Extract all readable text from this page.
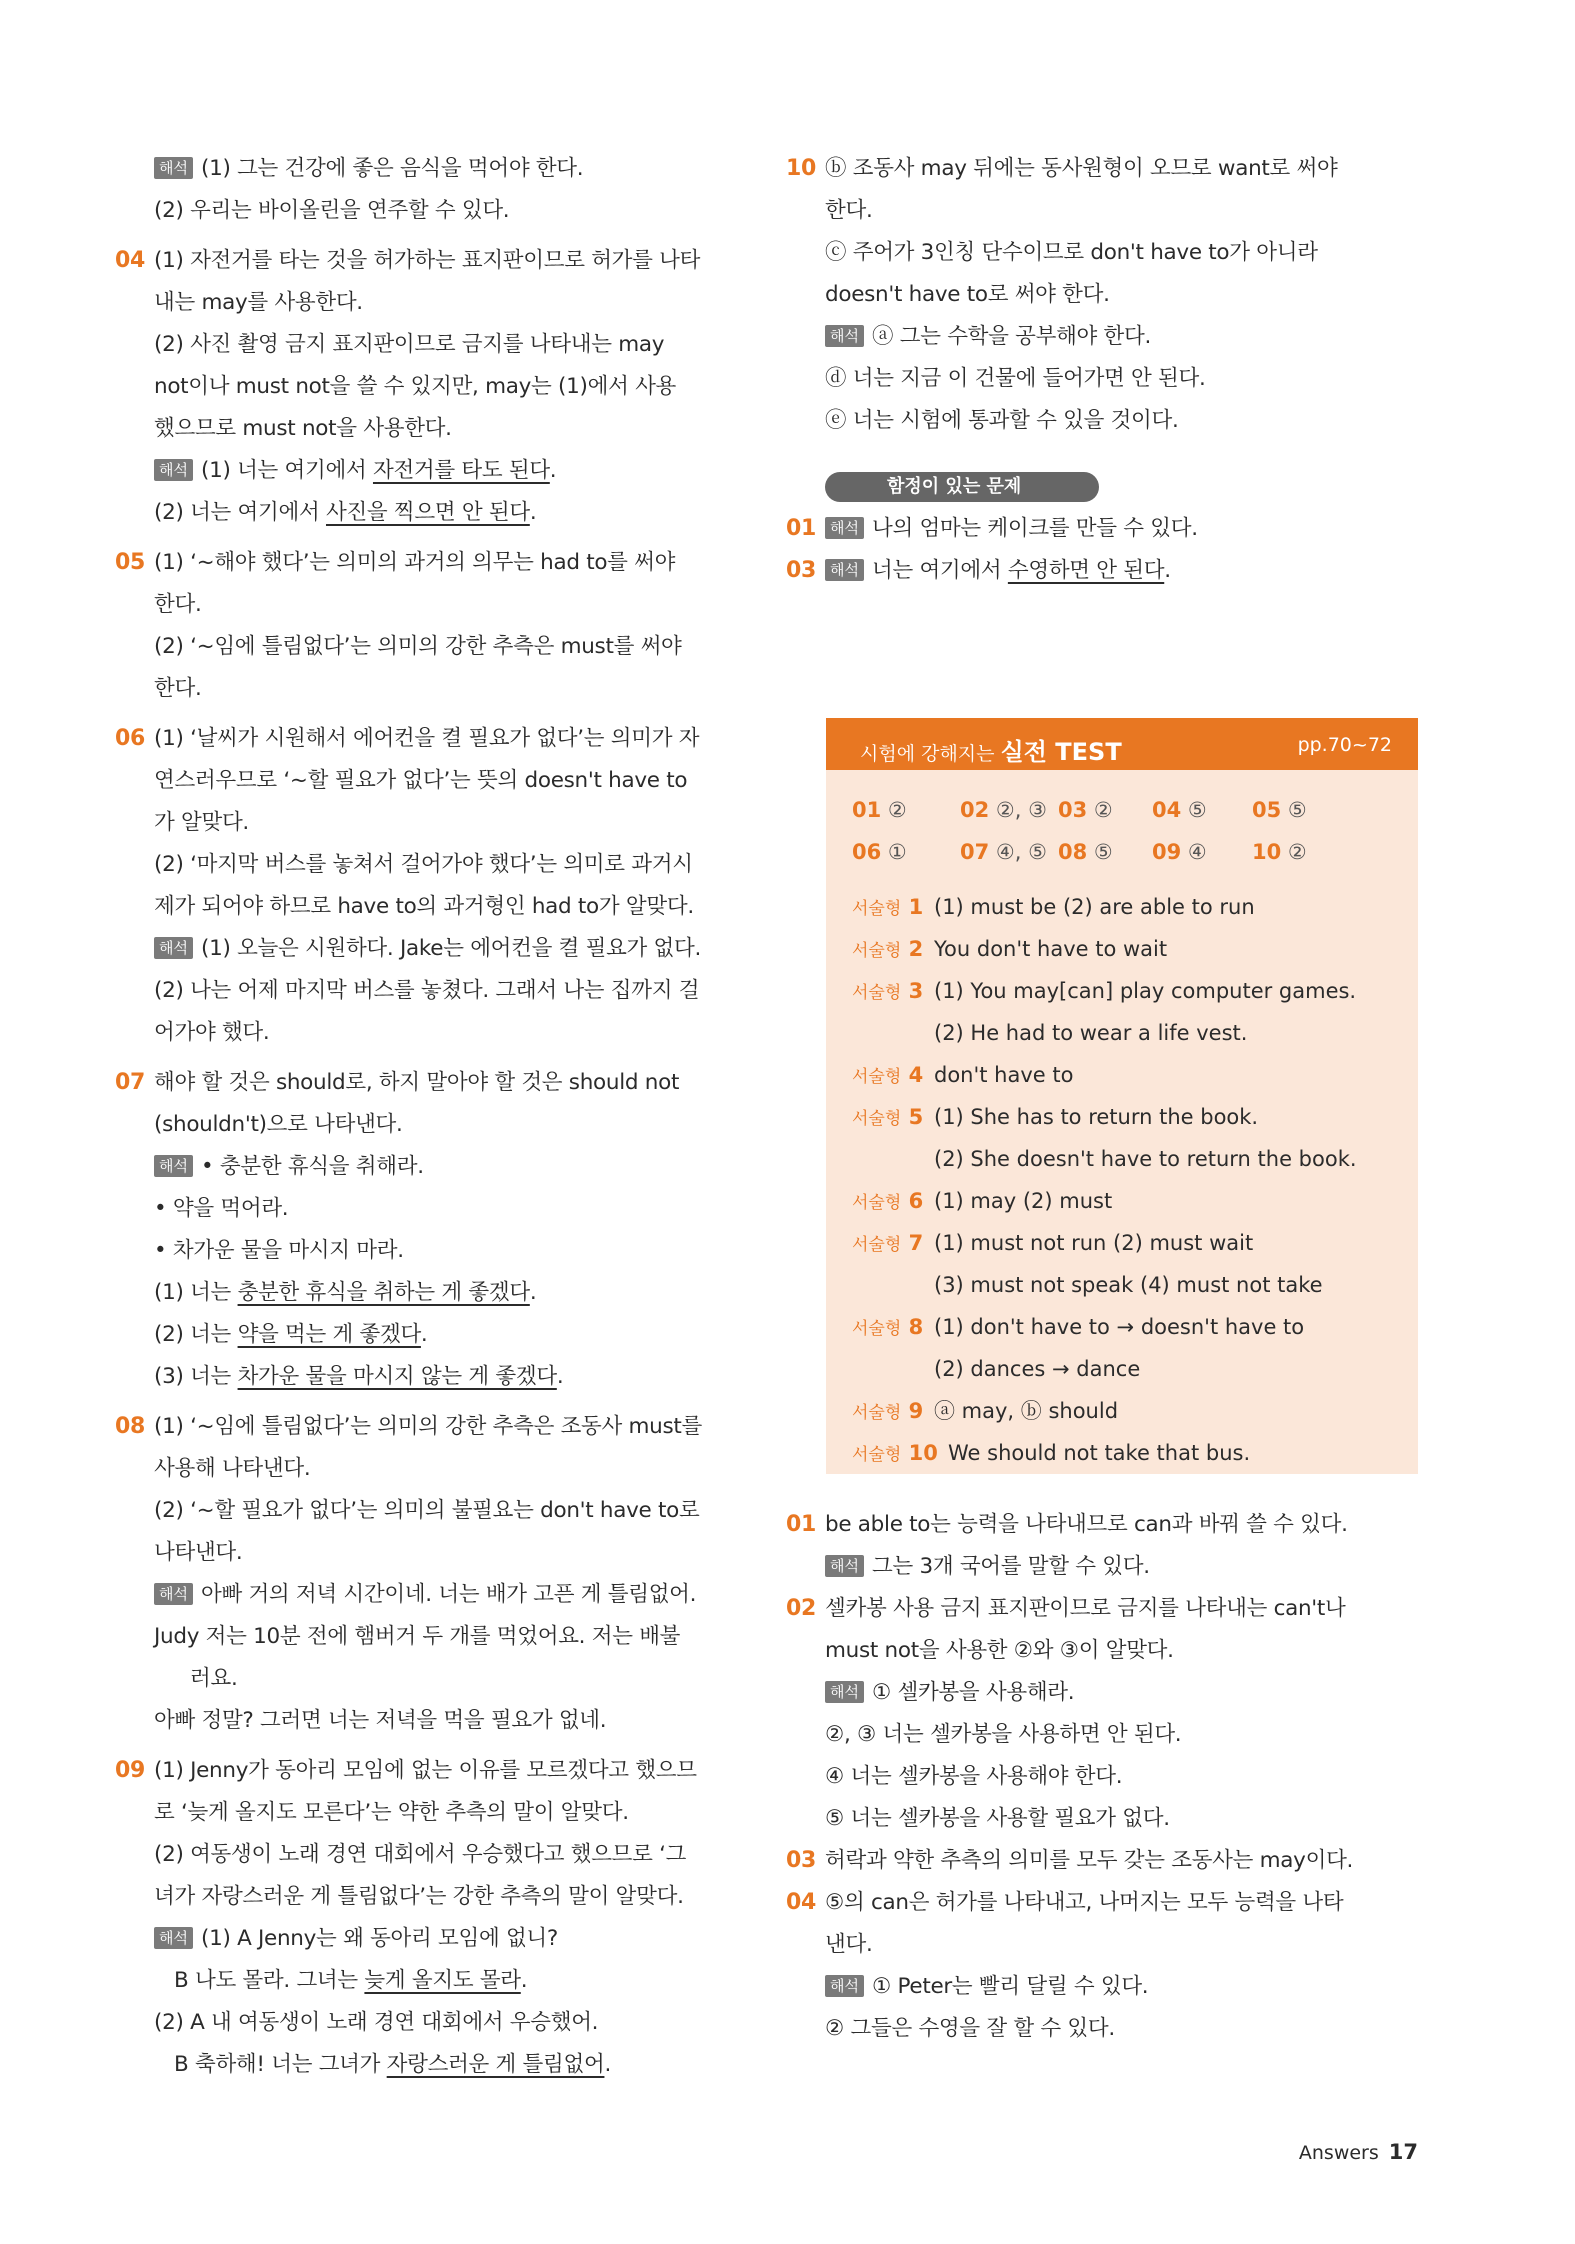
해석 (1) 그는 건강에 좋은 음식을 먹어야 한다.
(2) 우리는 바이올린을 연주할 수 있다.
04 (1) 자전거를 타는 것을 허가하는 표지판이므로 허가를 나타
내는 may를 사용한다.
(2) 사진 촬영 금지 표지판이므로 금지를 나타내는 may
not이나 must not을 쓸 수 있지만, may는 (1)에서 사용
했으므로 must not을 사용한다.
해석 (1) 너는 여기에서 자전거를 타도 된다.
(2) 너는 여기에서 사진을 찍으면 안 된다.
05 (1) ‘~해야 했다’는 의미의 과거의 의무는 had to를 써야
한다.
(2) ‘~임에 틀림없다’는 의미의 강한 추측은 must를 써야
한다.
06 (1) ‘날씨가 시원해서 에어컨을 켤 필요가 없다’는 의미가 자
연스러우므로 ‘~할 필요가 없다’는 뜻의 doesn't have to
가 알맞다.
(2) ‘마지막 버스를 놓쳐서 걸어가야 했다’는 의미로 과거시
제가 되어야 하므로 have to의 과거형인 had to가 알맞다.
해석 (1) 오늘은 시원하다. Jake는 에어컨을 켤 필요가 없다.
(2) 나는 어제 마지막 버스를 놓쳤다. 그래서 나는 집까지 걸
어가야 했다.
07 해야 할 것은 should로, 하지 말아야 할 것은 should not
(shouldn't)으로 나타낸다.
해석 • 충분한 휴식을 취해라.
• 약을 먹어라.
• 차가운 물을 마시지 마라.
(1) 너는 충분한 휴식을 취하는 게 좋겠다.
(2) 너는 약을 먹는 게 좋겠다.
(3) 너는 차가운 물을 마시지 않는 게 좋겠다.
08 (1) ‘~임에 틀림없다’는 의미의 강한 추측은 조동사 must를
사용해 나타낸다.
(2) ‘~할 필요가 없다’는 의미의 불필요는 don't have to로
나타낸다.
해석 아빠 거의 저녁 시간이네. 너는 배가 고픈 게 틀림없어.
Judy 저는 10분 전에 햄버거 두 개를 먹었어요. 저는 배불
러요.
아빠 정말? 그러면 너는 저녁을 먹을 필요가 없네.
09 (1) Jenny가 동아리 모임에 없는 이유를 모르겠다고 했으므
로 ‘늦게 올지도 모른다’는 약한 추측의 말이 알맞다.
(2) 여동생이 노래 경연 대회에서 우승했다고 했으므로 ‘그
녀가 자랑스러운 게 틀림없다’는 강한 추측의 말이 알맞다.
해석 (1) A Jenny는 왜 동아리 모임에 없니?
B 나도 몰라. 그녀는 늦게 올지도 몰라.
(2) A 내 여동생이 노래 경연 대회에서 우승했어.
B 축하해! 너는 그녀가 자랑스러운 게 틀림없어.
10 ⓑ 조동사 may 뒤에는 동사원형이 오므로 want로 써야
한다.
ⓒ 주어가 3인칭 단수이므로 don't have to가 아니라
doesn't have to로 써야 한다.
해석 ⓐ 그는 수학을 공부해야 한다.
ⓓ 너는 지금 이 건물에 들어가면 안 된다.
ⓔ 너는 시험에 통과할 수 있을 것이다.
함정이 있는 문제
01 해석 나의 엄마는 케이크를 만들 수 있다.
03 해석 너는 여기에서 수영하면 안 된다.
시험에 강해지는 실전 TEST	pp.70~72
01 ②	02 ②, ③ 03 ② 04 ⑤ 05 ⑤
06 ①	07 ④, ⑤ 08 ⑤ 09 ④ 10 ②
서술형 1 (1) must be (2) are able to run
서술형 2 You don't have to wait
서술형 3 (1) You may[can] play computer games.
(2) He had to wear a life vest.
서술형 4 don't have to
서술형 5 (1) She has to return the book.
(2) She doesn't have to return the book.
서술형 6 (1) may (2) must
서술형 7 (1) must not run (2) must wait
(3) must not speak (4) must not take
서술형 8 (1) don't have to → doesn't have to
(2) dances → dance
서술형 9 ⓐ may, ⓑ should
서술형 10 We should not take that bus.
01 be able to는 능력을 나타내므로 can과 바꿔 쓸 수 있다.
해석 그는 3개 국어를 말할 수 있다.
02 셀카봉 사용 금지 표지판이므로 금지를 나타내는 can't나
must not을 사용한 ②와 ③이 알맞다.
해석 ① 셀카봉을 사용해라.
②, ③ 너는 셀카봉을 사용하면 안 된다.
④ 너는 셀카봉을 사용해야 한다.
⑤ 너는 셀카봉을 사용할 필요가 없다.
03 허락과 약한 추측의 의미를 모두 갖는 조동사는 may이다.
04 ⑤의 can은 허가를 나타내고, 나머지는 모두 능력을 나타
낸다.
해석 ① Peter는 빨리 달릴 수 있다.
② 그들은 수영을 잘 할 수 있다.
Answers 17
